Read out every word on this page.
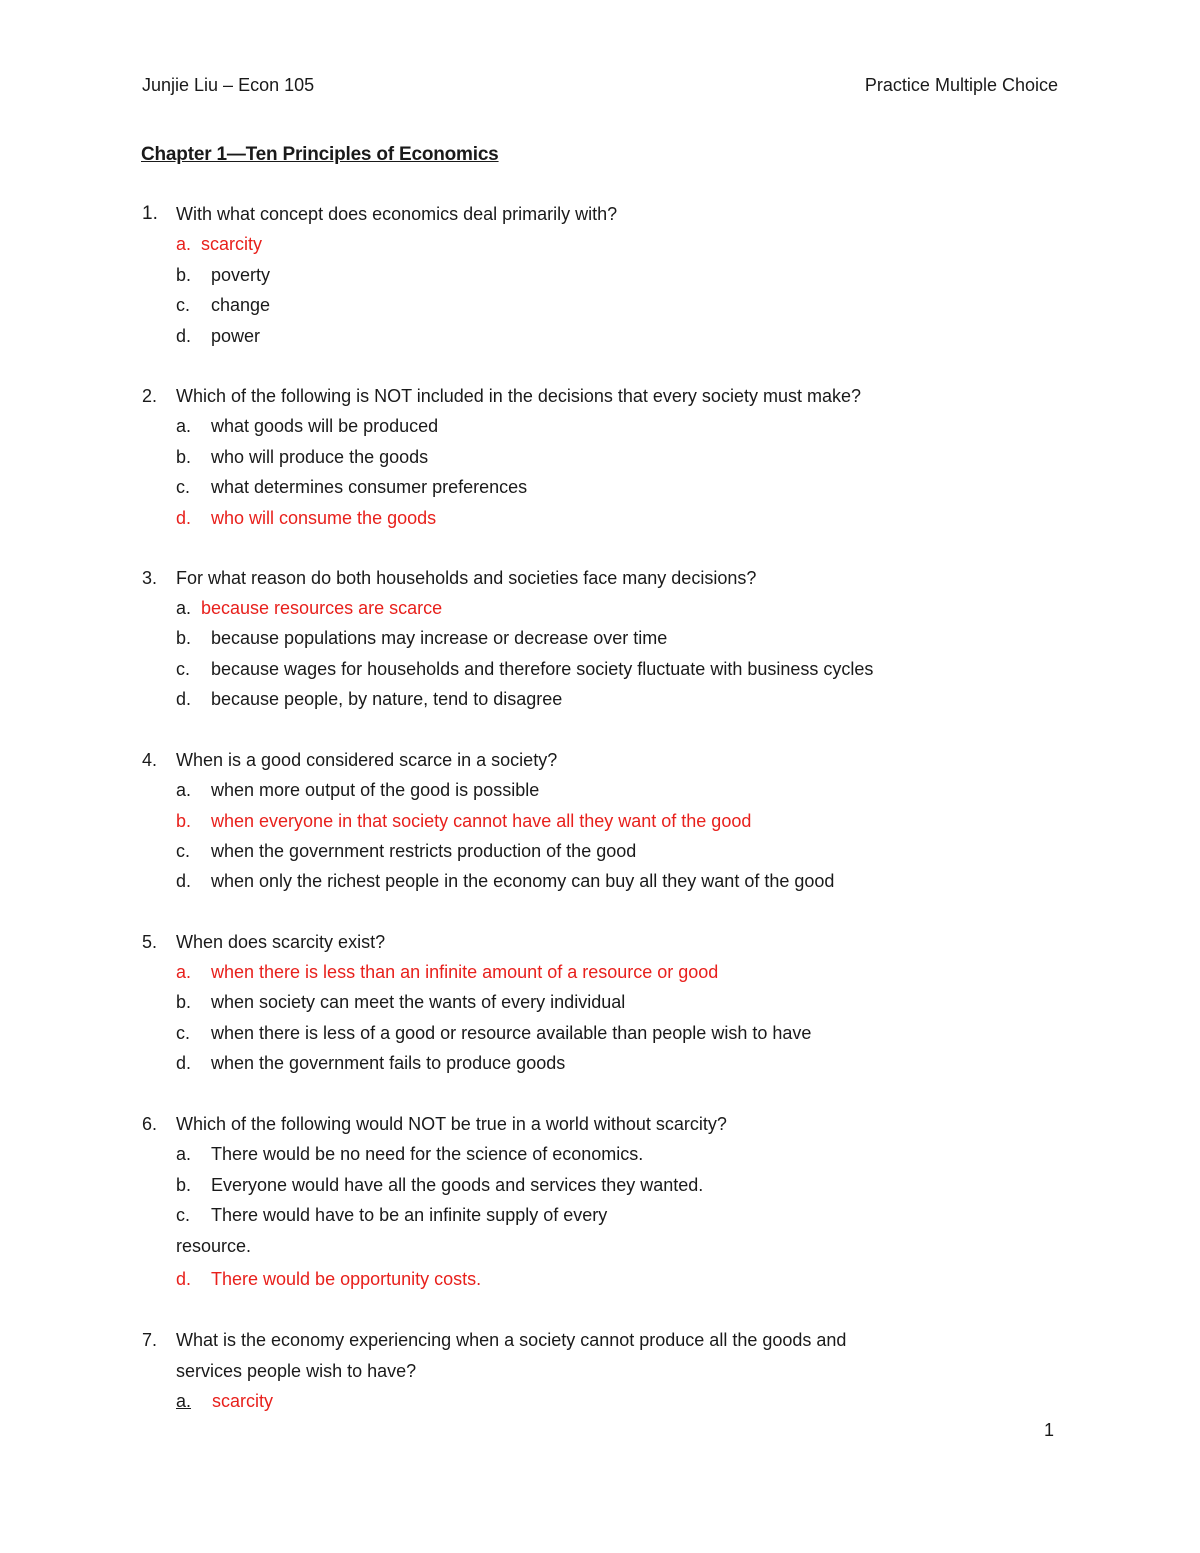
Junjie Liu – Econ 105	Practice Multiple Choice
Chapter 1—Ten Principles of Economics
1. With what concept does economics deal primarily with?
a. scarcity
b. poverty
c. change
d. power
2. Which of the following is NOT included in the decisions that every society must make?
a. what goods will be produced
b. who will produce the goods
c. what determines consumer preferences
d. who will consume the goods
3. For what reason do both households and societies face many decisions?
a. because resources are scarce
b. because populations may increase or decrease over time
c. because wages for households and therefore society fluctuate with business cycles
d. because people, by nature, tend to disagree
4. When is a good considered scarce in a society?
a. when more output of the good is possible
b. when everyone in that society cannot have all they want of the good
c. when the government restricts production of the good
d. when only the richest people in the economy can buy all they want of the good
5. When does scarcity exist?
a. when there is less than an infinite amount of a resource or good
b. when society can meet the wants of every individual
c. when there is less of a good or resource available than people wish to have
d. when the government fails to produce goods
6. Which of the following would NOT be true in a world without scarcity?
a. There would be no need for the science of economics.
b. Everyone would have all the goods and services they wanted.
c. There would have to be an infinite supply of every
resource.
d. There would be opportunity costs.
7. What is the economy experiencing when a society cannot produce all the goods and
services people wish to have?
a.	scarcity
1
